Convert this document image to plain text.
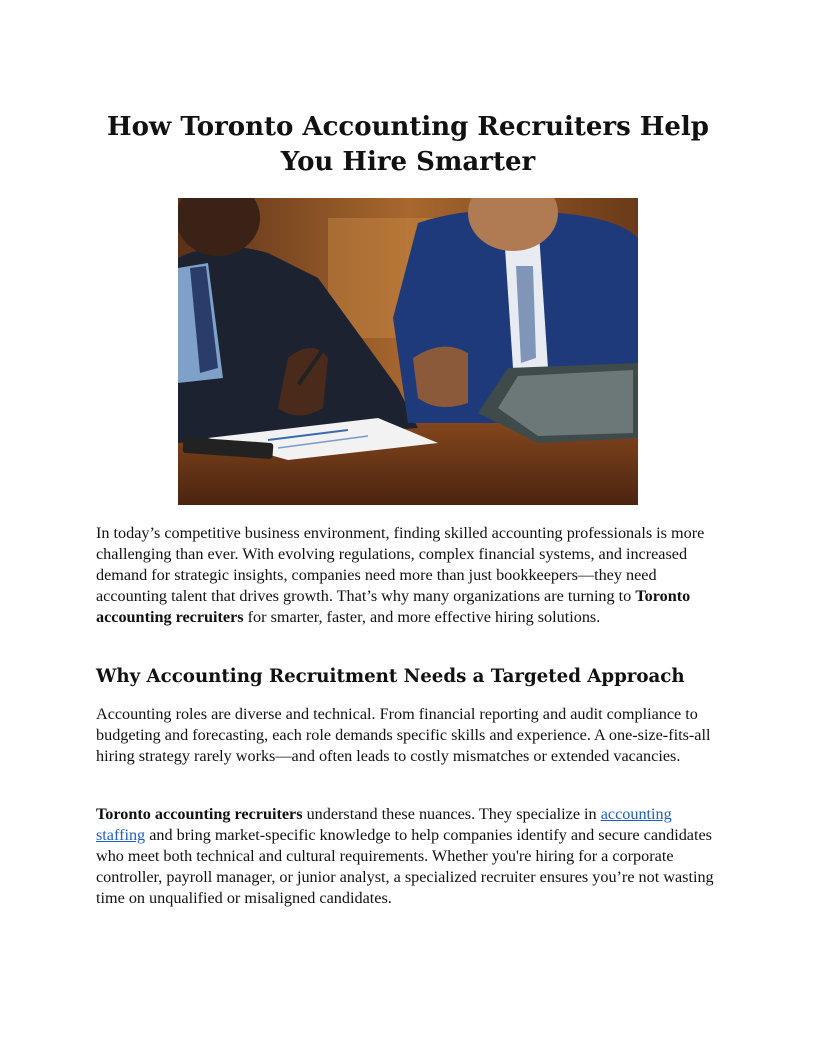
How Toronto Accounting Recruiters Help
You Hire Smarter

In today’s competitive business environment, finding skilled accounting professionals is more challenging than ever. With evolving regulations, complex financial systems, and increased demand for strategic insights, companies need more than just bookkeepers—they need accounting talent that drives growth. That’s why many organizations are turning to Toronto accounting recruiters for smarter, faster, and more effective hiring solutions.

Why Accounting Recruitment Needs a Targeted Approach

Accounting roles are diverse and technical. From financial reporting and audit compliance to budgeting and forecasting, each role demands specific skills and experience. A one-size-fits-all hiring strategy rarely works—and often leads to costly mismatches or extended vacancies.

Toronto accounting recruiters understand these nuances. They specialize in accounting staffing and bring market-specific knowledge to help companies identify and secure candidates who meet both technical and cultural requirements. Whether you're hiring for a corporate controller, payroll manager, or junior analyst, a specialized recruiter ensures you’re not wasting time on unqualified or misaligned candidates.
